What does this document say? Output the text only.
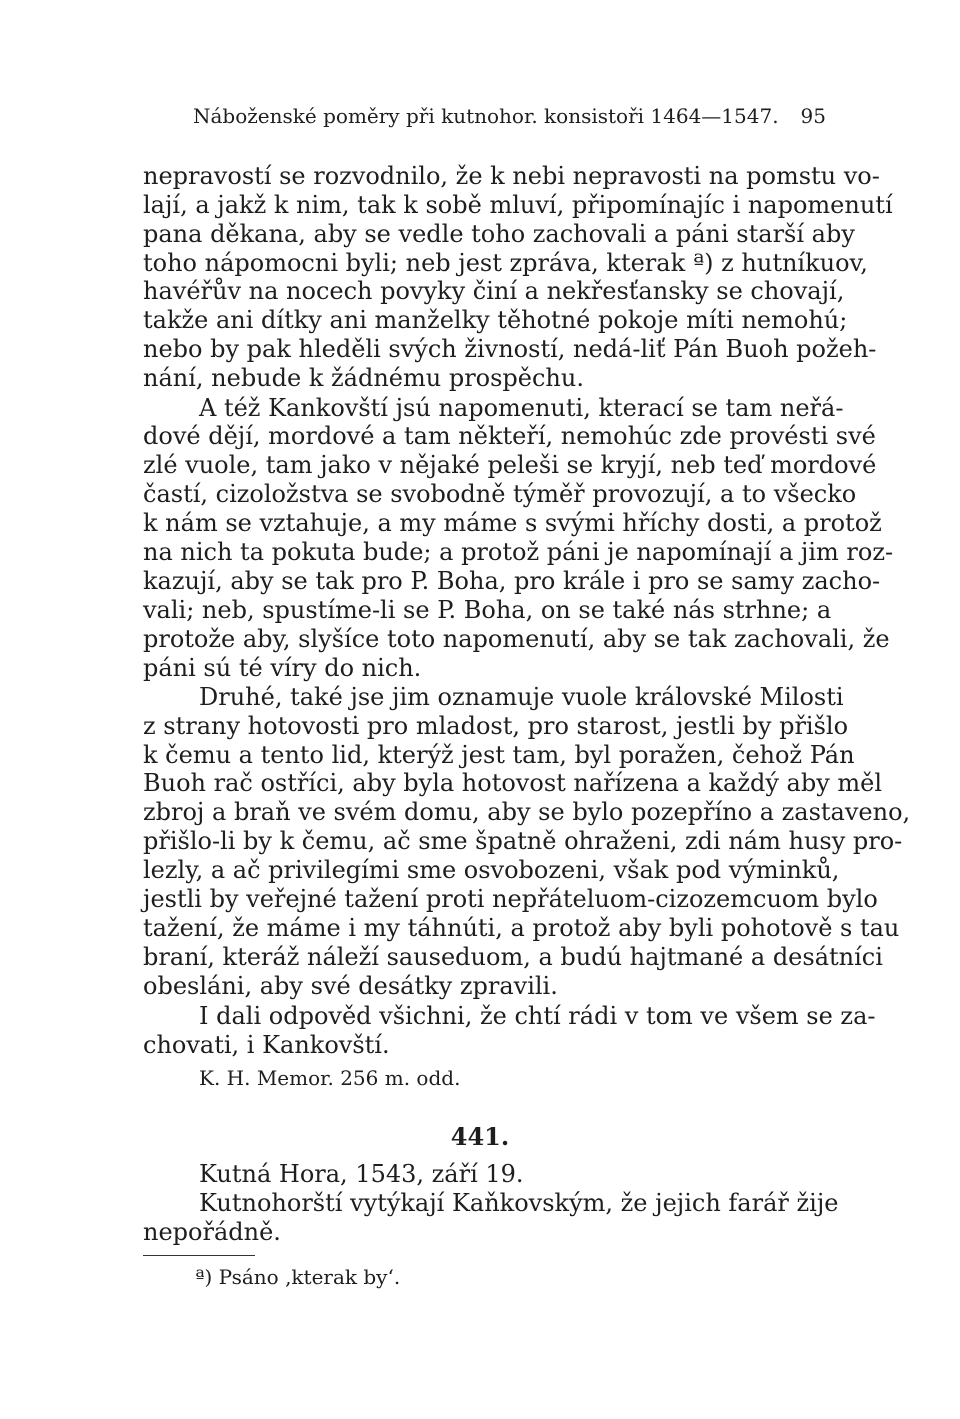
Náboženské poměry při kutnohor. konsistoři 1464—1547. 95
nepravostí se rozvodnilo, že k nebi nepravosti na pomstu vo-
lají, a jakž k nim, tak k sobě mluví, připomínajíc i napomenutí
pana děkana, aby se vedle toho zachovali a páni starší aby
toho nápomocni byli; neb jest zpráva, kterak ª) z hutníkuov,
havéřův na nocech povyky činí a nekřesťansky se chovají,
takže ani dítky ani manželky těhotné pokoje míti nemohú;
nebo by pak hleděli svých živností, nedá-liť Pán Buoh požeh-
nání, nebude k žádnému prospěchu.
A též Kankovští jsú napomenuti, kterací se tam neřá-
dové dějí, mordové a tam někteří, nemohúc zde provésti své
zlé vuole, tam jako v nějaké peleši se kryjí, neb teď mordové
častí, cizoložstva se svobodně týměř provozují, a to všecko
k nám se vztahuje, a my máme s svými hříchy dosti, a protož
na nich ta pokuta bude; a protož páni je napomínají a jim roz-
kazují, aby se tak pro P. Boha, pro krále i pro se samy zacho-
vali; neb, spustíme-li se P. Boha, on se také nás strhne; a
protože aby, slyšíce toto napomenutí, aby se tak zachovali, že
páni sú té víry do nich.
Druhé, také jse jim oznamuje vuole královské Milosti
z strany hotovosti pro mladost, pro starost, jestli by přišlo
k čemu a tento lid, kterýž jest tam, byl poražen, čehož Pán
Buoh rač ostříci, aby byla hotovost nařízena a každý aby měl
zbroj a braň ve svém domu, aby se bylo pozepříno a zastaveno,
přišlo-li by k čemu, ač sme špatně ohraženi, zdi nám husy pro-
lezly, a ač privilegími sme osvobozeni, však pod výminků,
jestli by veřejné tažení proti nepřáteluom-cizozemcuom bylo
tažení, že máme i my táhnúti, a protož aby byli pohotově s tau
braní, kteráž náleží sauseduom, a budú hajtmané a desátníci
obesláni, aby své desátky zpravili.
I dali odpověd všichni, že chtí rádi v tom ve všem se za-
chovati, i Kankovští.
K. H. Memor. 256 m. odd.
441.
Kutná Hora, 1543, září 19.
Kutnohorští vytýkají Kaňkovským, že jejich farář žije
nepořádně.
ª) Psáno ‚kterak by‘.
